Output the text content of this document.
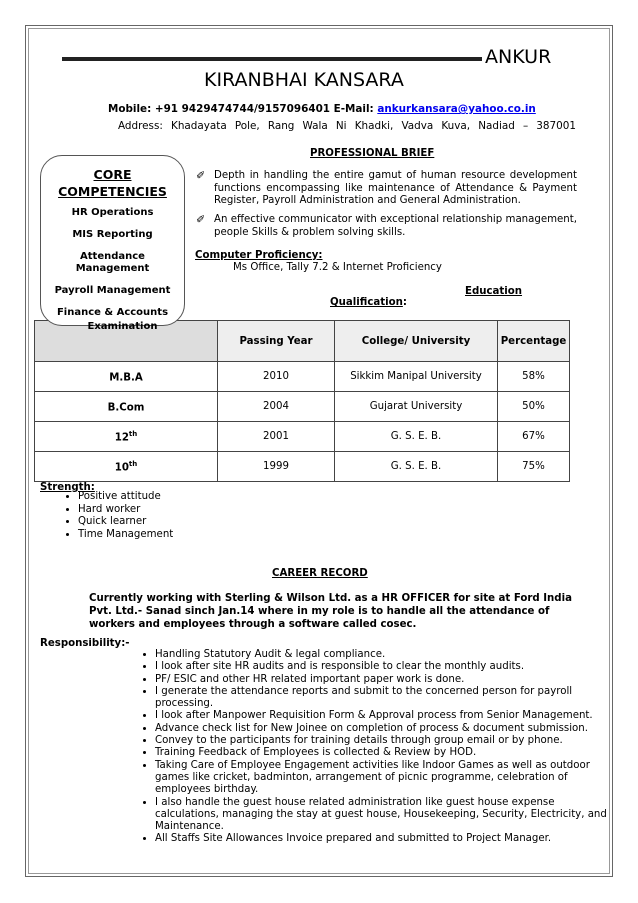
ANKUR
KIRANBHAI KANSARA
Mobile: +91 9429474744/9157096401 E-Mail: ankurkansara@yahoo.co.in
Address: Khadayata Pole, Rang Wala Ni Khadki, Vadva Kuva, Nadiad – 387001
PROFESSIONAL BRIEF
✐ Depth in handling the entire gamut of human resource development functions encompassing like maintenance of Attendance & Payment Register, Payroll Administration and General Administration.
✐ An effective communicator with exceptional relationship management, people Skills & problem solving skills.
Computer Proficiency:
Ms Office, Tally 7.2 & Internet Proficiency
Education
Qualification:
	Passing Year	College/ University	Percentage
M.B.A	2010	Sikkim Manipal University	58%
B.Com	2004	Gujarat University	50%
12th	2001	G. S. E. B.	67%
10th	1999	G. S. E. B.	75%
CORE
COMPETENCIES
HR Operations
MIS Reporting
Attendance
Management
Payroll Management
Finance & Accounts
Examination
Strength:
• Positive attitude
• Hard worker
• Quick learner
• Time Management
CAREER RECORD
Currently working with Sterling & Wilson Ltd. as a HR OFFICER for site at Ford India Pvt. Ltd.- Sanad sinch Jan.14 where in my role is to handle all the attendance of workers and employees through a software called cosec.
Responsibility:-
• Handling Statutory Audit & legal compliance.
• I look after site HR audits and is responsible to clear the monthly audits.
• PF/ ESIC and other HR related important paper work is done.
• I generate the attendance reports and submit to the concerned person for payroll processing.
• I look after Manpower Requisition Form & Approval process from Senior Management.
• Advance check list for New Joinee on completion of process & document submission.
• Convey to the participants for training details through group email or by phone.
• Training Feedback of Employees is collected & Review by HOD.
• Taking Care of Employee Engagement activities like Indoor Games as well as outdoor games like cricket, badminton, arrangement of picnic programme, celebration of employees birthday.
• I also handle the guest house related administration like guest house expense calculations, managing the stay at guest house, Housekeeping, Security, Electricity, and Maintenance.
• All Staffs Site Allowances Invoice prepared and submitted to Project Manager.
